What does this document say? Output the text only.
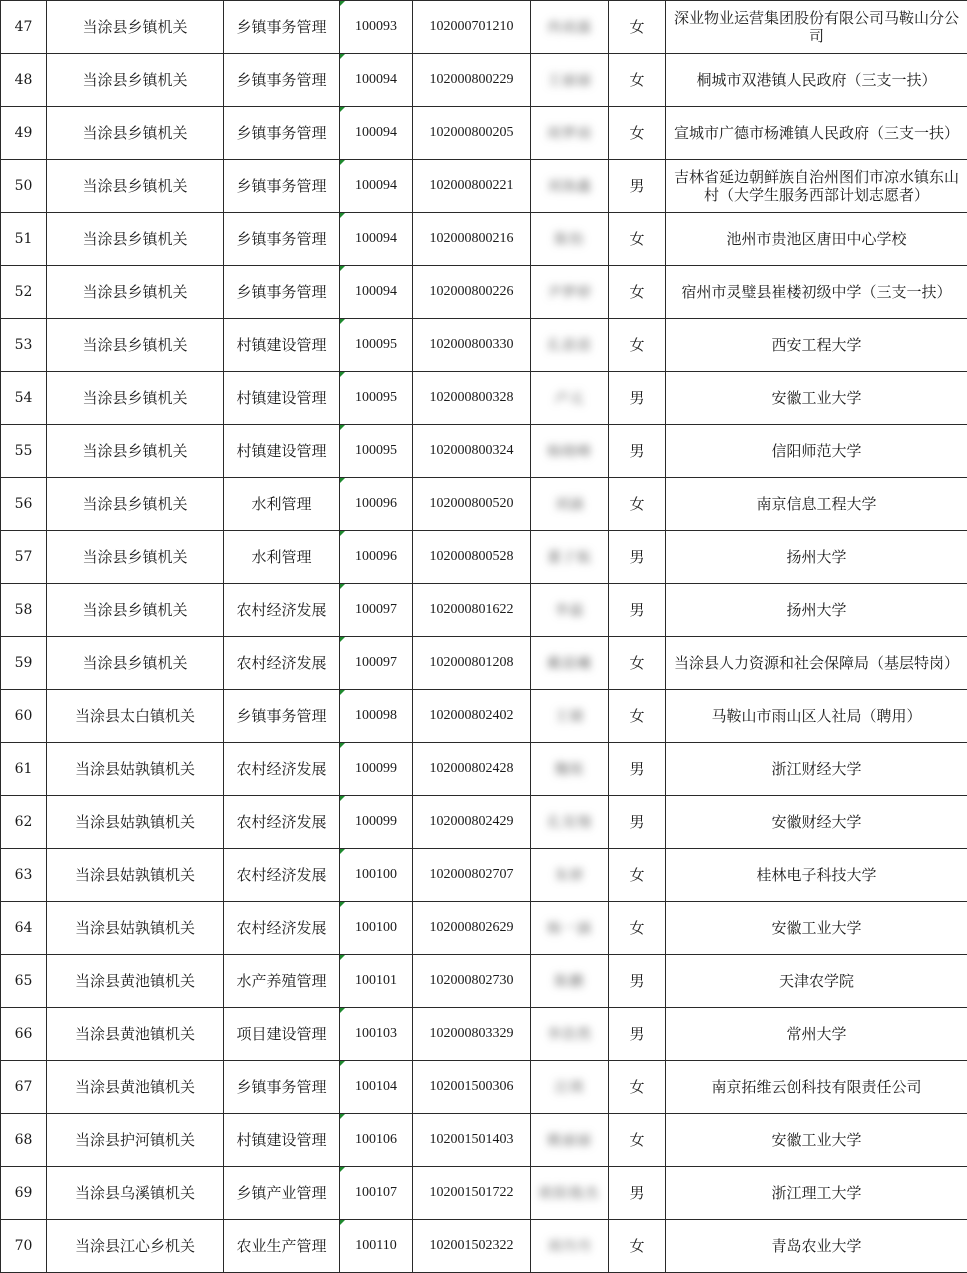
47	当涂县乡镇机关	乡镇事务管理	100093	102000701210	冉雨露	女	深业物业运营集团股份有限公司马鞍山分公司
48	当涂县乡镇机关	乡镇事务管理	100094	102000800229	王丽丽	女	桐城市双港镇人民政府（三支一扶）
49	当涂县乡镇机关	乡镇事务管理	100094	102000800205	周梦雨	女	宣城市广德市杨滩镇人民政府（三支一扶）
50	当涂县乡镇机关	乡镇事务管理	100094	102000800221	刘海鑫	男	吉林省延边朝鲜族自治州图们市凉水镇东山村（大学生服务西部计划志愿者）
51	当涂县乡镇机关	乡镇事务管理	100094	102000800216	陈怡	女	池州市贵池区唐田中心学校
52	当涂县乡镇机关	乡镇事务管理	100094	102000800226	尹梦婷	女	宿州市灵璧县崔楼初级中学（三支一扶）
53	当涂县乡镇机关	村镇建设管理	100095	102000800330	孔蓓蓓	女	西安工程大学
54	当涂县乡镇机关	村镇建设管理	100095	102000800328	卢元	男	安徽工业大学
55	当涂县乡镇机关	村镇建设管理	100095	102000800324	杨晓峰	男	信阳师范大学
56	当涂县乡镇机关	水利管理	100096	102000800520	刘涵	女	南京信息工程大学
57	当涂县乡镇机关	水利管理	100096	102000800528	董子航	男	扬州大学
58	当涂县乡镇机关	农村经济发展	100097	102000801622	李磊	男	扬州大学
59	当涂县乡镇机关	农村经济发展	100097	102000801208	戴晨曦	女	当涂县人力资源和社会保障局（基层特岗）
60	当涂县太白镇机关	乡镇事务管理	100098	102000802402	王婧	女	马鞍山市雨山区人社局（聘用）
61	当涂县姑孰镇机关	农村经济发展	100099	102000802428	魏锐	男	浙江财经大学
62	当涂县姑孰镇机关	农村经济发展	100099	102000802429	孔昊翔	男	安徽财经大学
63	当涂县姑孰镇机关	农村经济发展	100100	102000802707	朱妍	女	桂林电子科技大学
64	当涂县姑孰镇机关	农村经济发展	100100	102000802629	杨一涵	女	安徽工业大学
65	当涂县黄池镇机关	水产养殖管理	100101	102000802730	陈鹏	男	天津农学院
66	当涂县黄池镇机关	项目建设管理	100103	102000803329	李浩然	男	常州大学
67	当涂县黄池镇机关	乡镇事务管理	100104	102001500306	汪琪	女	南京拓维云创科技有限责任公司
68	当涂县护河镇机关	村镇建设管理	100106	102001501403	姚丽丽	女	安徽工业大学
69	当涂县乌溪镇机关	乡镇产业管理	100107	102001501722	欧阳俊杰	男	浙江理工大学
70	当涂县江心乡机关	农业生产管理	100110	102001502322	刘丹丹	女	青岛农业大学
